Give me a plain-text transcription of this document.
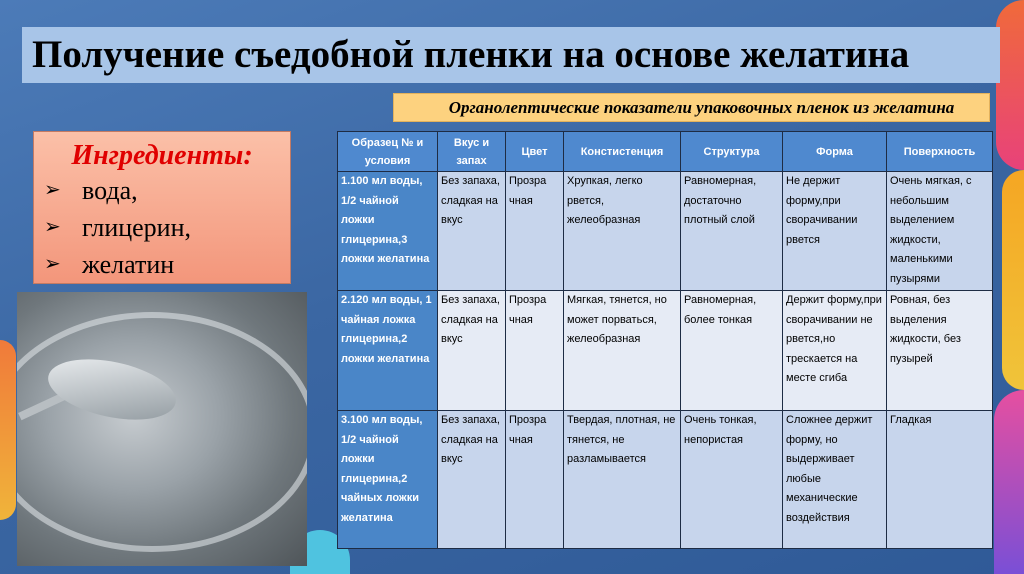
Получение съедобной пленки на основе желатина
Органолептические показатели упаковочных пленок из желатина
Ингредиенты:
➢ вода,
➢ глицерин,
➢ желатин
Образец № и условия	Вкус и запах	Цвет	Констистенция	Структура	Форма	Поверхность
1.100 мл воды, 1/2 чайной ложки глицерина,3 ложки желатина	Без запаха, сладкая на вкус	Прозра чная	Хрупкая, легко рвется, желеобразная	Равномерная, достаточно плотный слой	Не держит форму,при сворачивании рвется	Очень мягкая, с небольшим выделением жидкости, маленькими пузырями
2.120 мл воды, 1 чайная ложка глицерина,2 ложки желатина	Без запаха, сладкая на вкус	Прозра чная	Мягкая, тянется, но может порваться, желеобразная	Равномерная, более тонкая	Держит форму,при сворачивании не рвется,но трескается на месте сгиба	Ровная, без выделения жидкости, без пузырей
3.100 мл воды, 1/2 чайной ложки глицерина,2 чайных ложки желатина	Без запаха, сладкая на вкус	Прозра чная	Твердая, плотная, не тянется, не разламывается	Очень тонкая, непористая	Сложнее держит форму, но выдерживает любые механические воздействия	Гладкая
